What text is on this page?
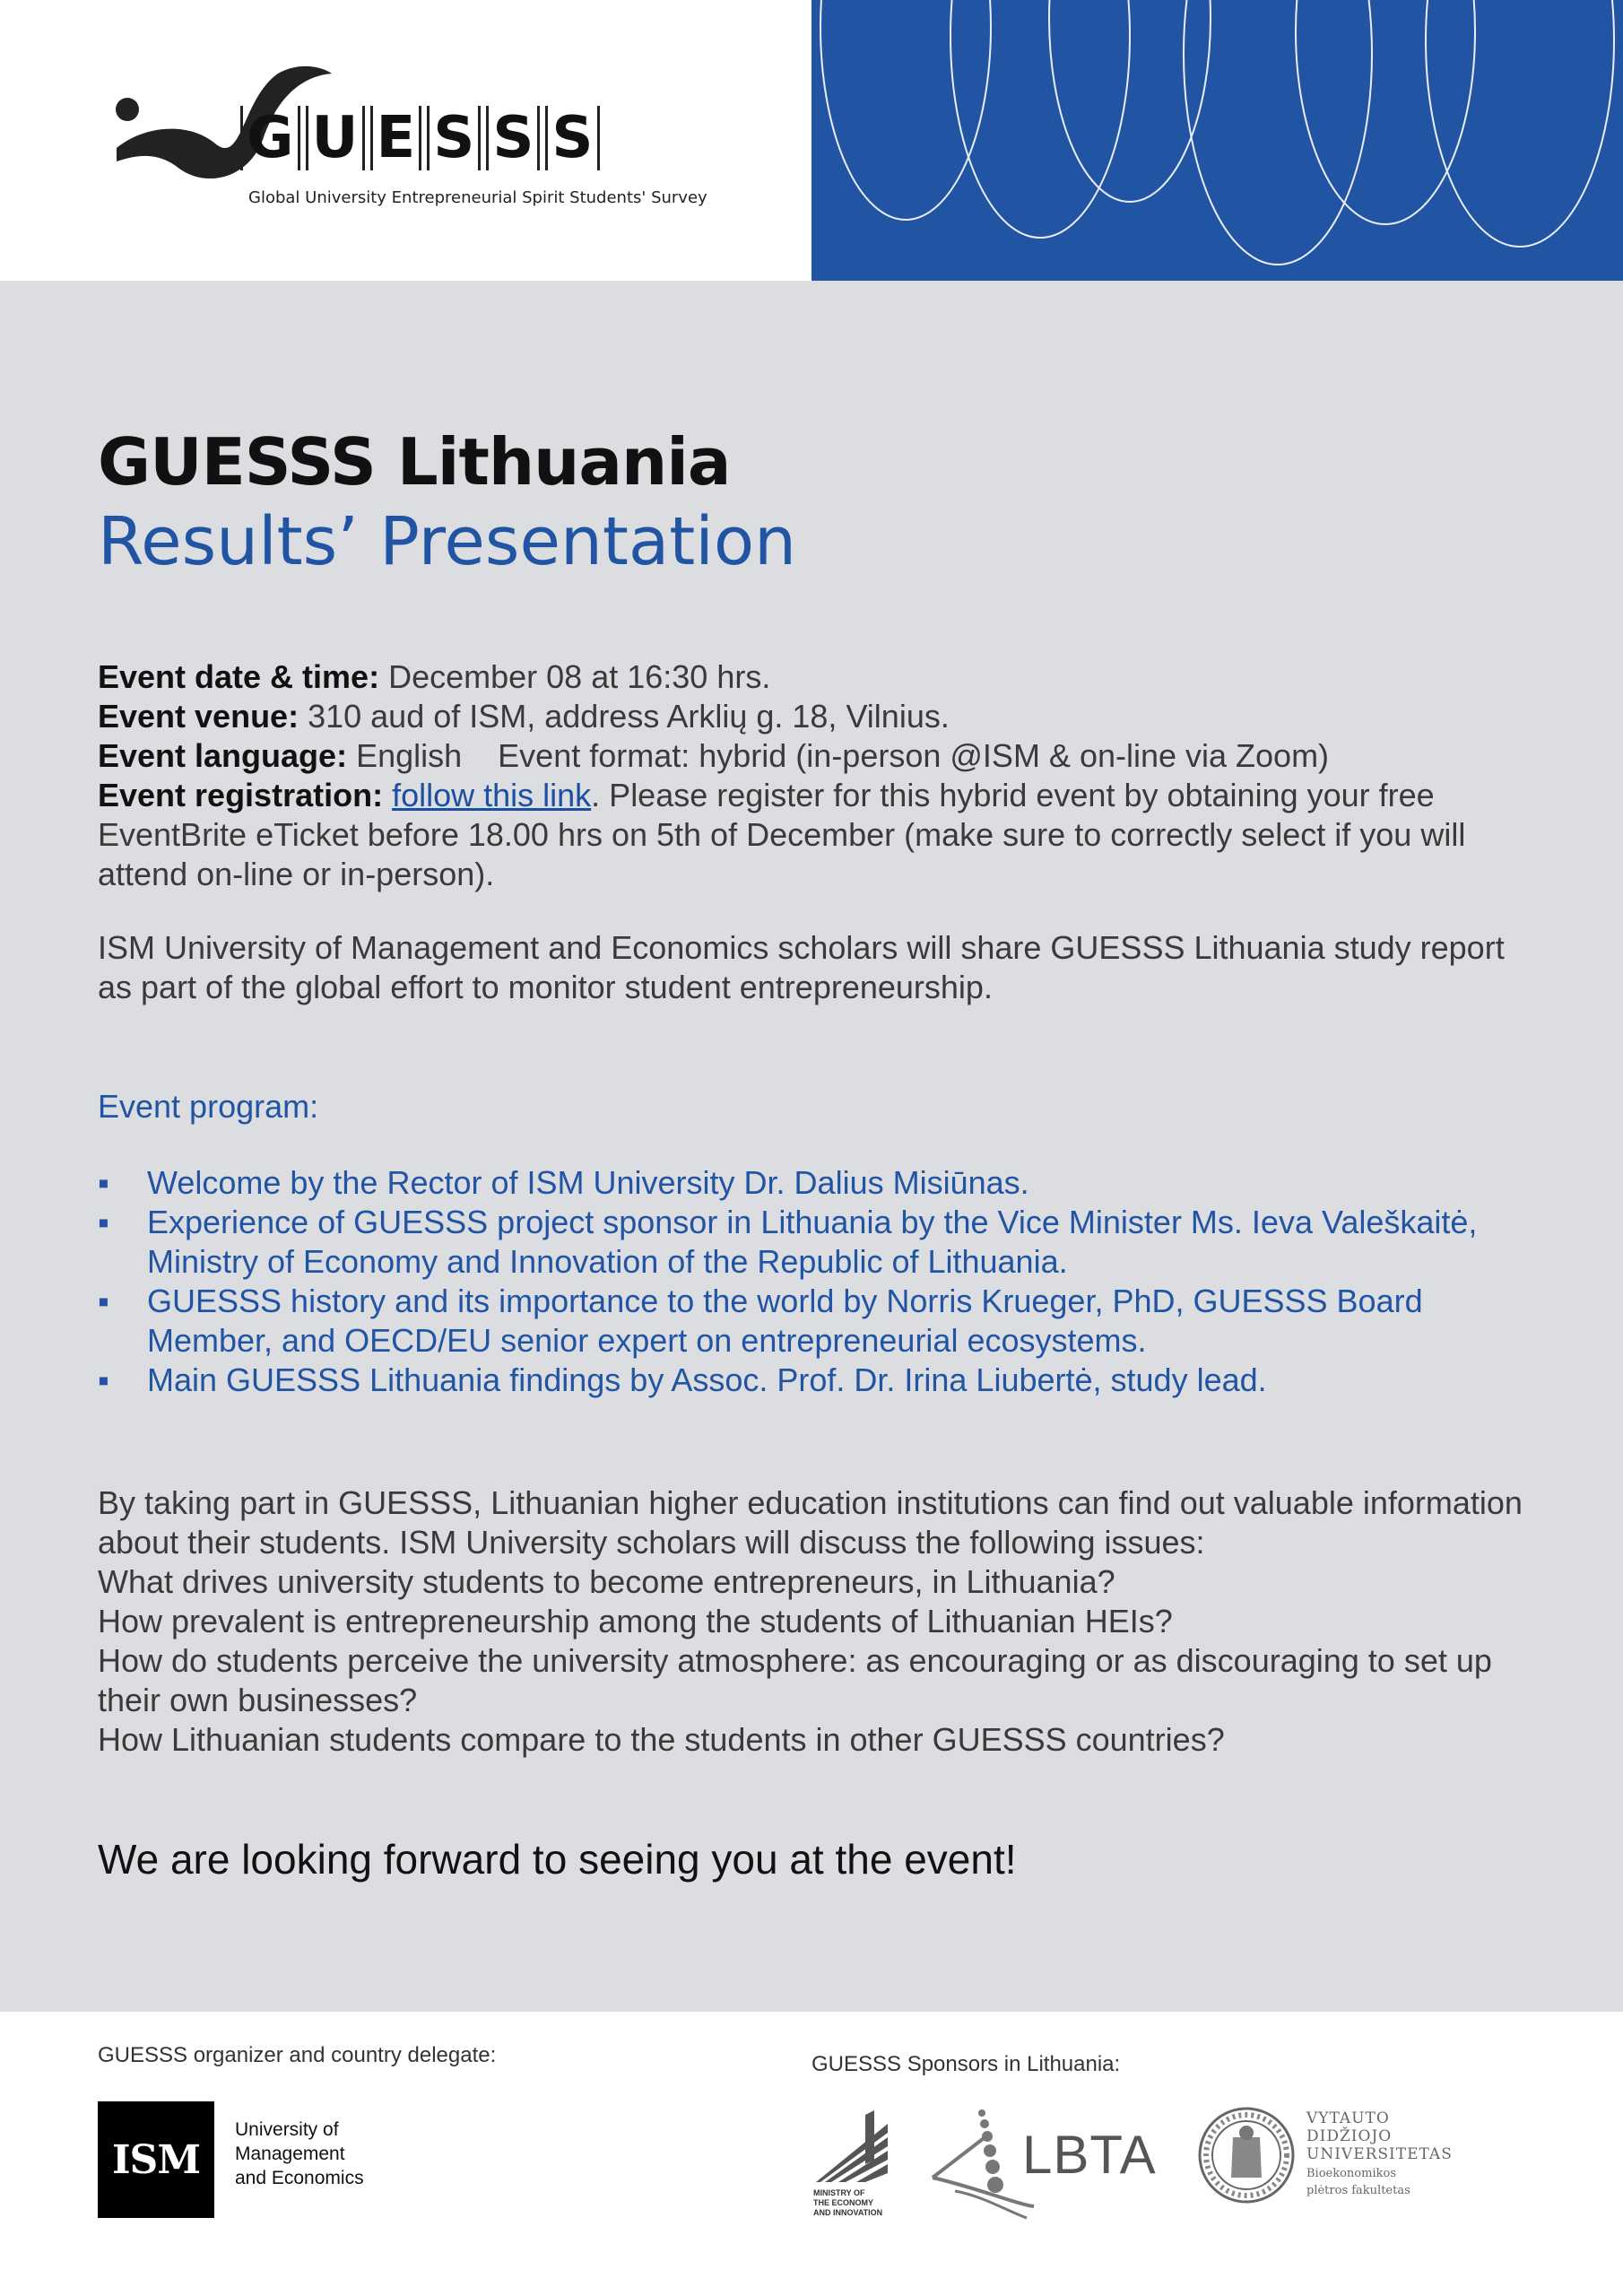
G U E S S S
Global University Entrepreneurial Spirit Students' Survey
GUESSS Lithuania
Results’ Presentation

Event date & time: December 08 at 16:30 hrs.

Event venue: 310 aud of ISM, address Arklių g. 18, Vilnius.

Event language: English Event format: hybrid (in-person @ISM & on-line via Zoom)

Event registration: follow this link. Please register for this hybrid event by obtaining your free EventBrite eTicket before 18.00 hrs on 5th of December (make sure to correctly select if you will attend on-line or in-person).

ISM University of Management and Economics scholars will share GUESSS Lithuania study report as part of the global effort to monitor student entrepreneurship.

Event program:
▪	Welcome by the Rector of ISM University Dr. Dalius Misiūnas.
▪	Experience of GUESSS project sponsor in Lithuania by the Vice Minister Ms. Ieva Valeškaitė, Ministry of Economy and Innovation of the Republic of Lithuania.
▪	GUESSS history and its importance to the world by Norris Krueger, PhD, GUESSS Board Member, and OECD/EU senior expert on entrepreneurial ecosystems.
▪	Main GUESSS Lithuania findings by Assoc. Prof. Dr. Irina Liubertė, study lead.
By taking part in GUESSS, Lithuanian higher education institutions can find out valuable information about their students. ISM University scholars will discuss the following issues:
What drives university students to become entrepreneurs, in Lithuania?
How prevalent is entrepreneurship among the students of Lithuanian HEIs?
How do students perceive the university atmosphere: as encouraging or as discouraging to set up their own businesses?
How Lithuanian students compare to the students in other GUESSS countries?

We are looking forward to seeing you at the event!

GUESSS organizer and country delegate:	GUESSS Sponsors in Lithuania:
ISM
University of
Management
and Economics
MINISTRY OF
THE ECONOMY
AND INNOVATION
LBTA
VYTAUTO
DIDŽIOJO
UNIVERSITETAS
Bioekonomikos
plėtros fakultetas
